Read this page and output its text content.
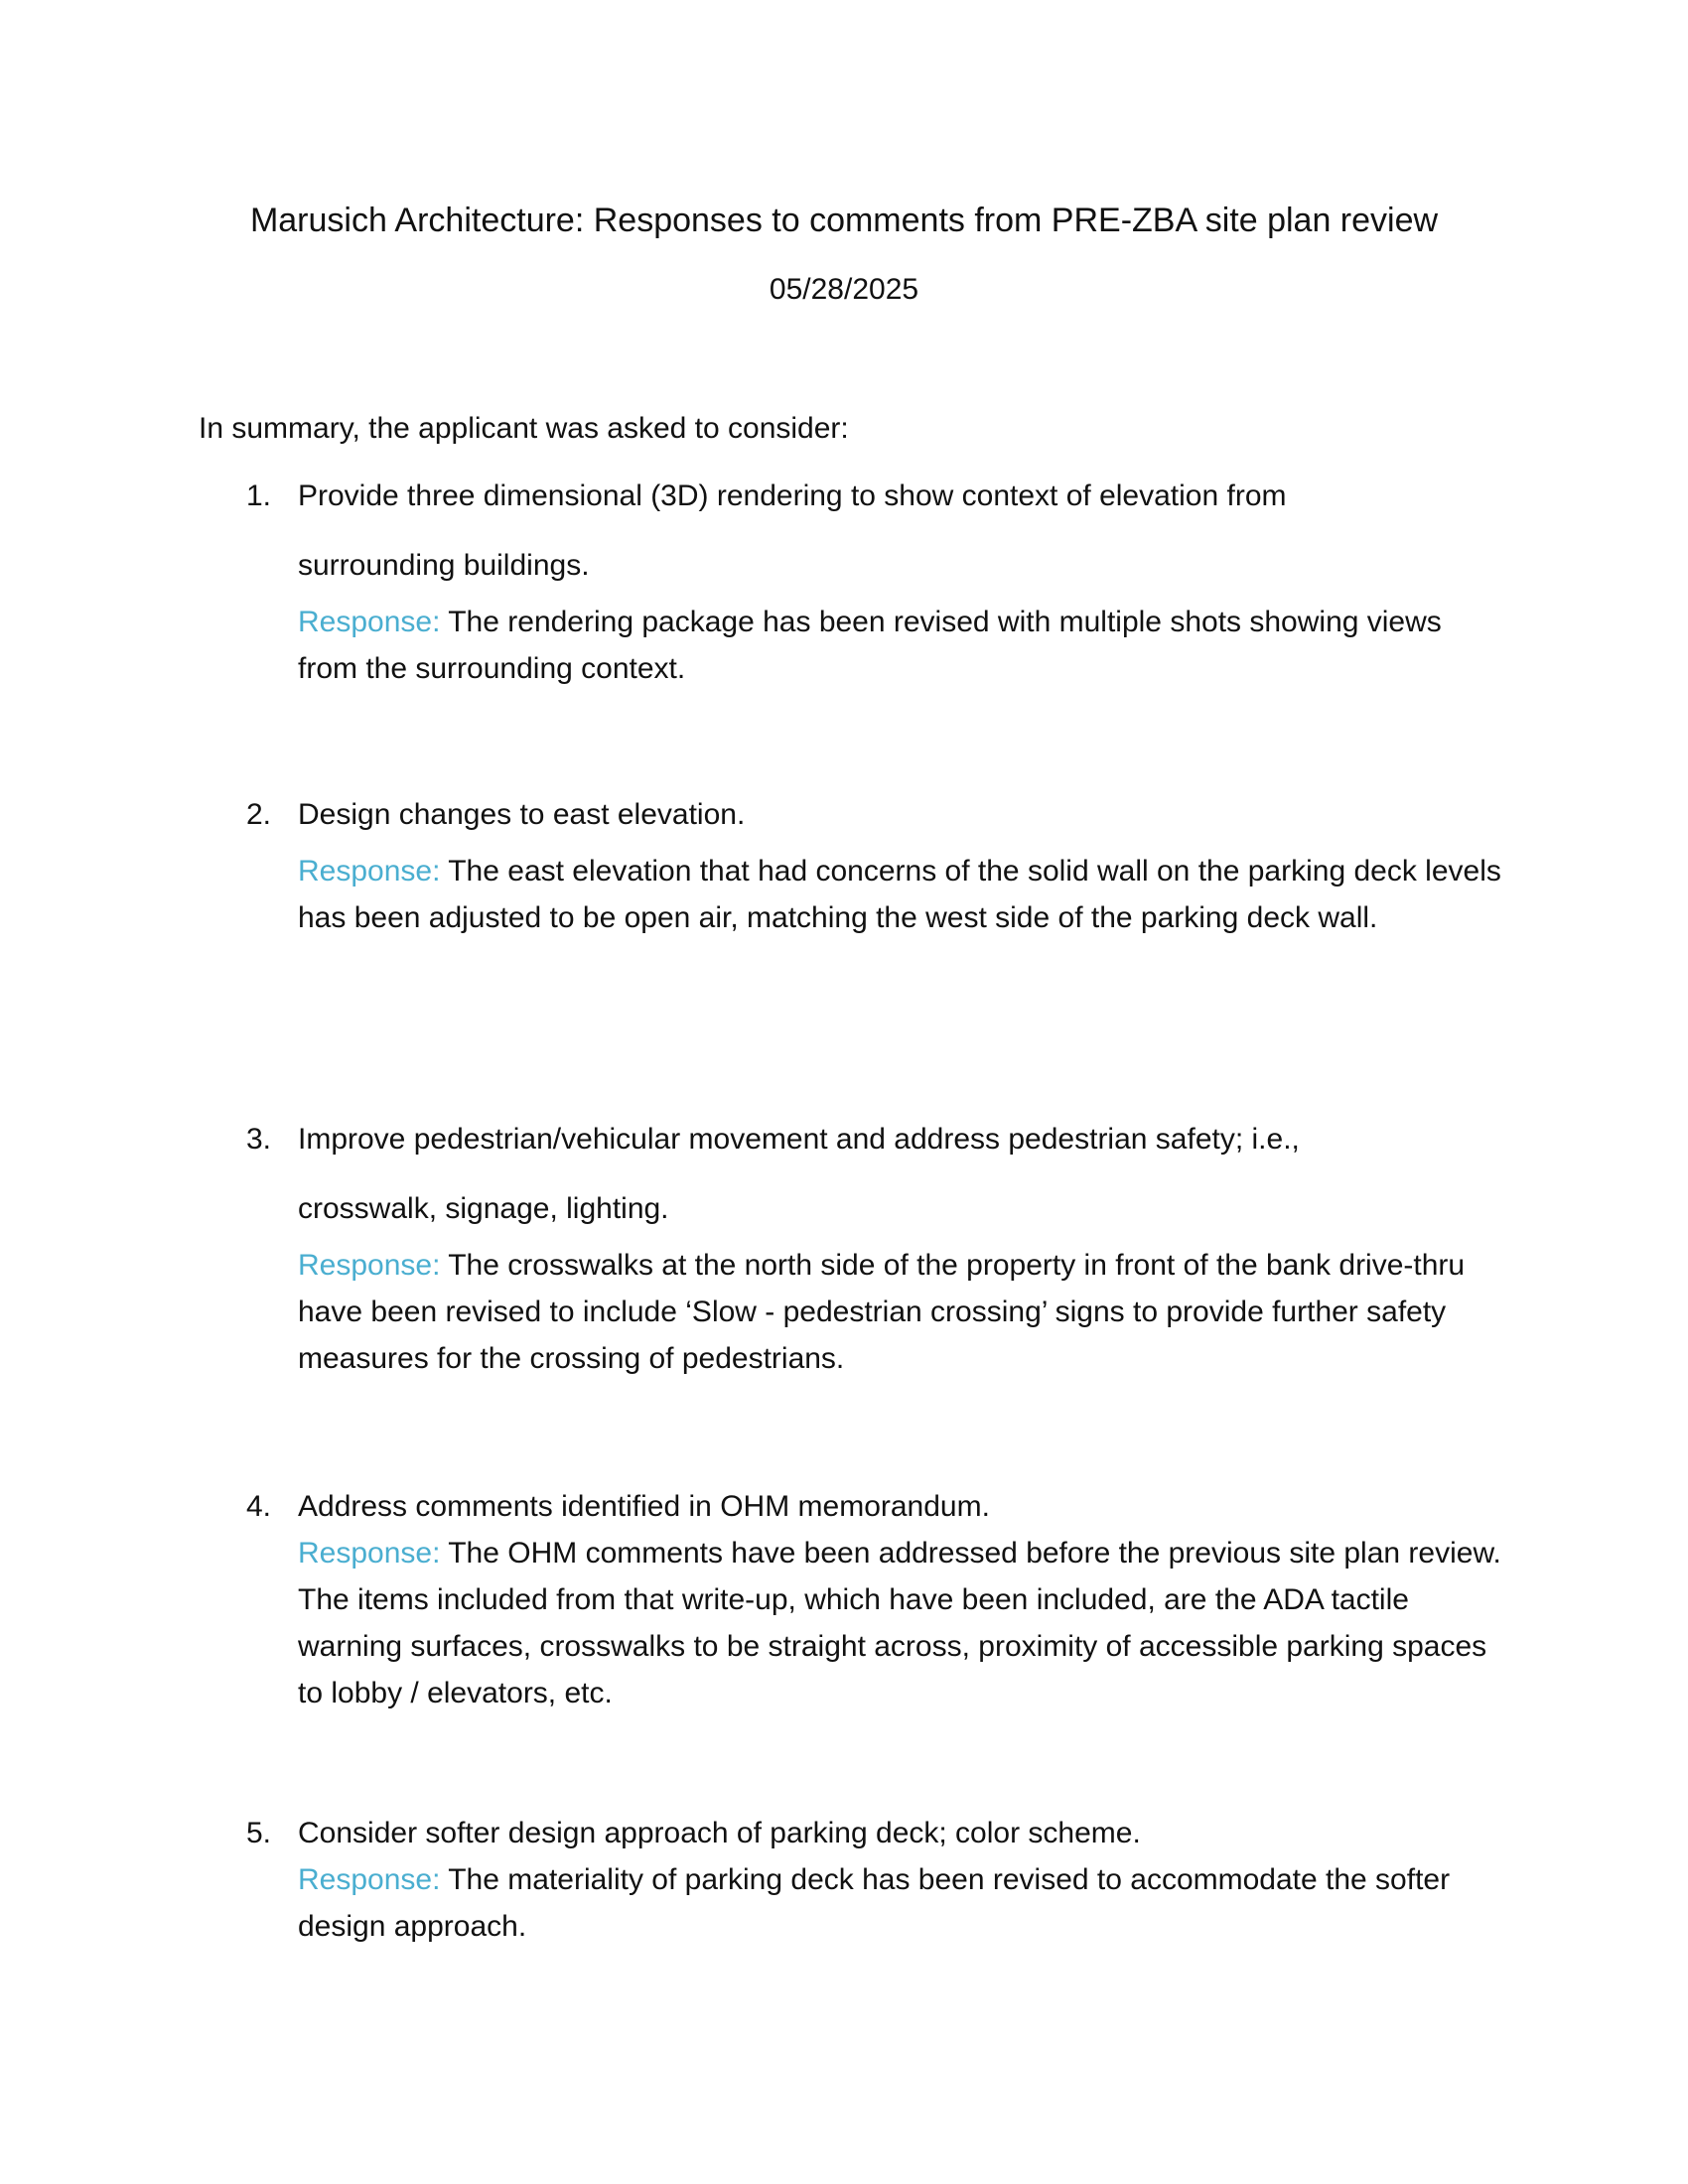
Marusich Architecture: Responses to comments from PRE-ZBA site plan review
05/28/2025
In summary, the applicant was asked to consider:
1. Provide three dimensional (3D) rendering to show context of elevation from surrounding buildings.
Response: The rendering package has been revised with multiple shots showing views from the surrounding context.
2. Design changes to east elevation.
Response: The east elevation that had concerns of the solid wall on the parking deck levels has been adjusted to be open air, matching the west side of the parking deck wall.
3. Improve pedestrian/vehicular movement and address pedestrian safety; i.e., crosswalk, signage, lighting.
Response: The crosswalks at the north side of the property in front of the bank drive-thru have been revised to include ‘Slow - pedestrian crossing’ signs to provide further safety measures for the crossing of pedestrians.
4. Address comments identified in OHM memorandum.
Response: The OHM comments have been addressed before the previous site plan review. The items included from that write-up, which have been included, are the ADA tactile warning surfaces, crosswalks to be straight across, proximity of accessible parking spaces to lobby / elevators, etc.
5. Consider softer design approach of parking deck; color scheme.
Response: The materiality of parking deck has been revised to accommodate the softer design approach.
